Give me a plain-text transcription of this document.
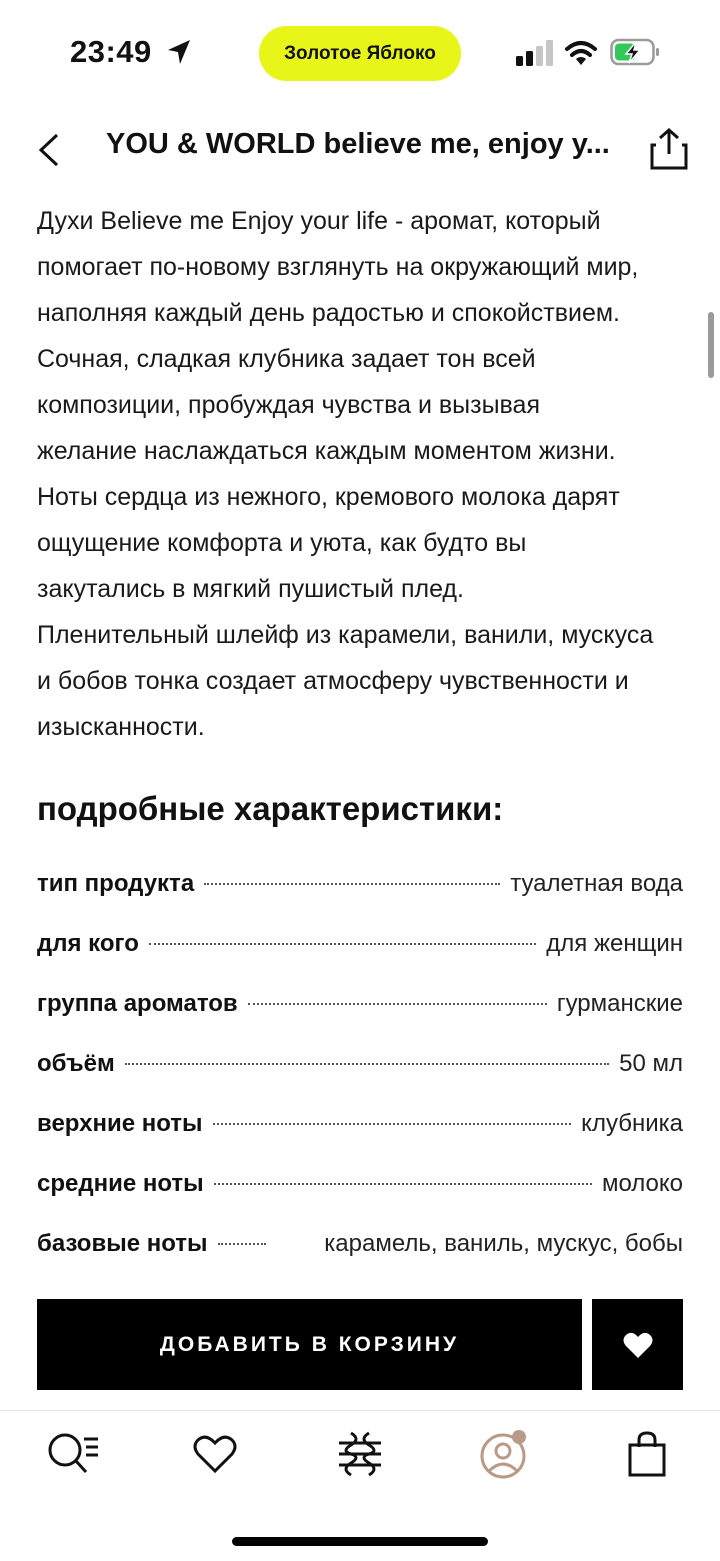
23:49	Золотое Яблоко
YOU & WORLD believe me, enjoy y...
Духи Believe me Enjoy your life - аромат, который
помогает по-новому взглянуть на окружающий мир,
наполняя каждый день радостью и спокойствием.
Сочная, сладкая клубника задает тон всей
композиции, пробуждая чувства и вызывая
желание наслаждаться каждым моментом жизни.
Ноты сердца из нежного, кремового молока дарят
ощущение комфорта и уюта, как будто вы
закутались в мягкий пушистый плед.
Пленительный шлейф из карамели, ванили, мускуса
и бобов тонка создает атмосферу чувственности и
изысканности.
подробные характеристики:
тип продукта	туалетная вода
для кого	для женщин
группа ароматов	гурманские
объём	50 мл
верхние ноты	клубника
средние ноты	молоко
базовые ноты	карамель, ваниль, мускус, бобы
ДОБАВИТЬ В КОРЗИНУ
